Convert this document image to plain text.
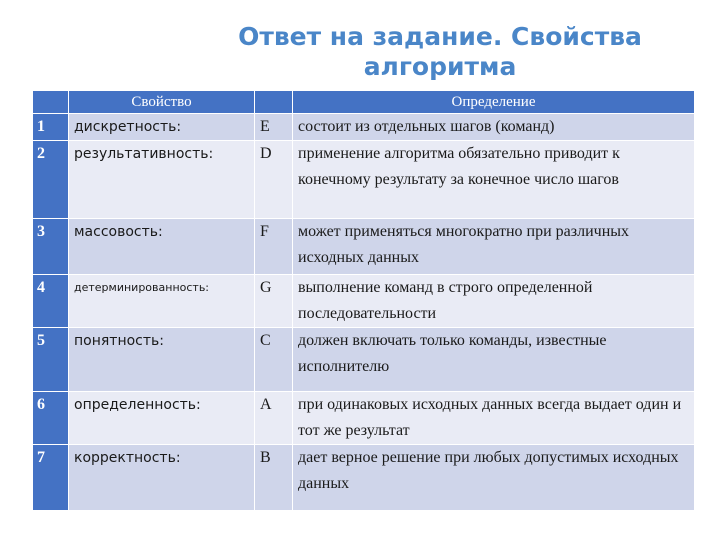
Ответ на задание. Свойства алгоритма
	Свойство		Определение
1	дискретность:	E	состоит из отдельных шагов (команд)
2	результативность:	D	применение алгоритма обязательно приводит к конечному результату за конечное число шагов
3	массовость:	F	может применяться многократно при различных исходных данных
4	детерминированность:	G	выполнение команд в строго определенной последовательности
5	понятность:	C	должен включать только команды, известные исполнителю
6	определенность:	A	при одинаковых исходных данных всегда выдает один и тот же результат
7	корректность:	B	дает верное решение при любых допустимых исходных данных
